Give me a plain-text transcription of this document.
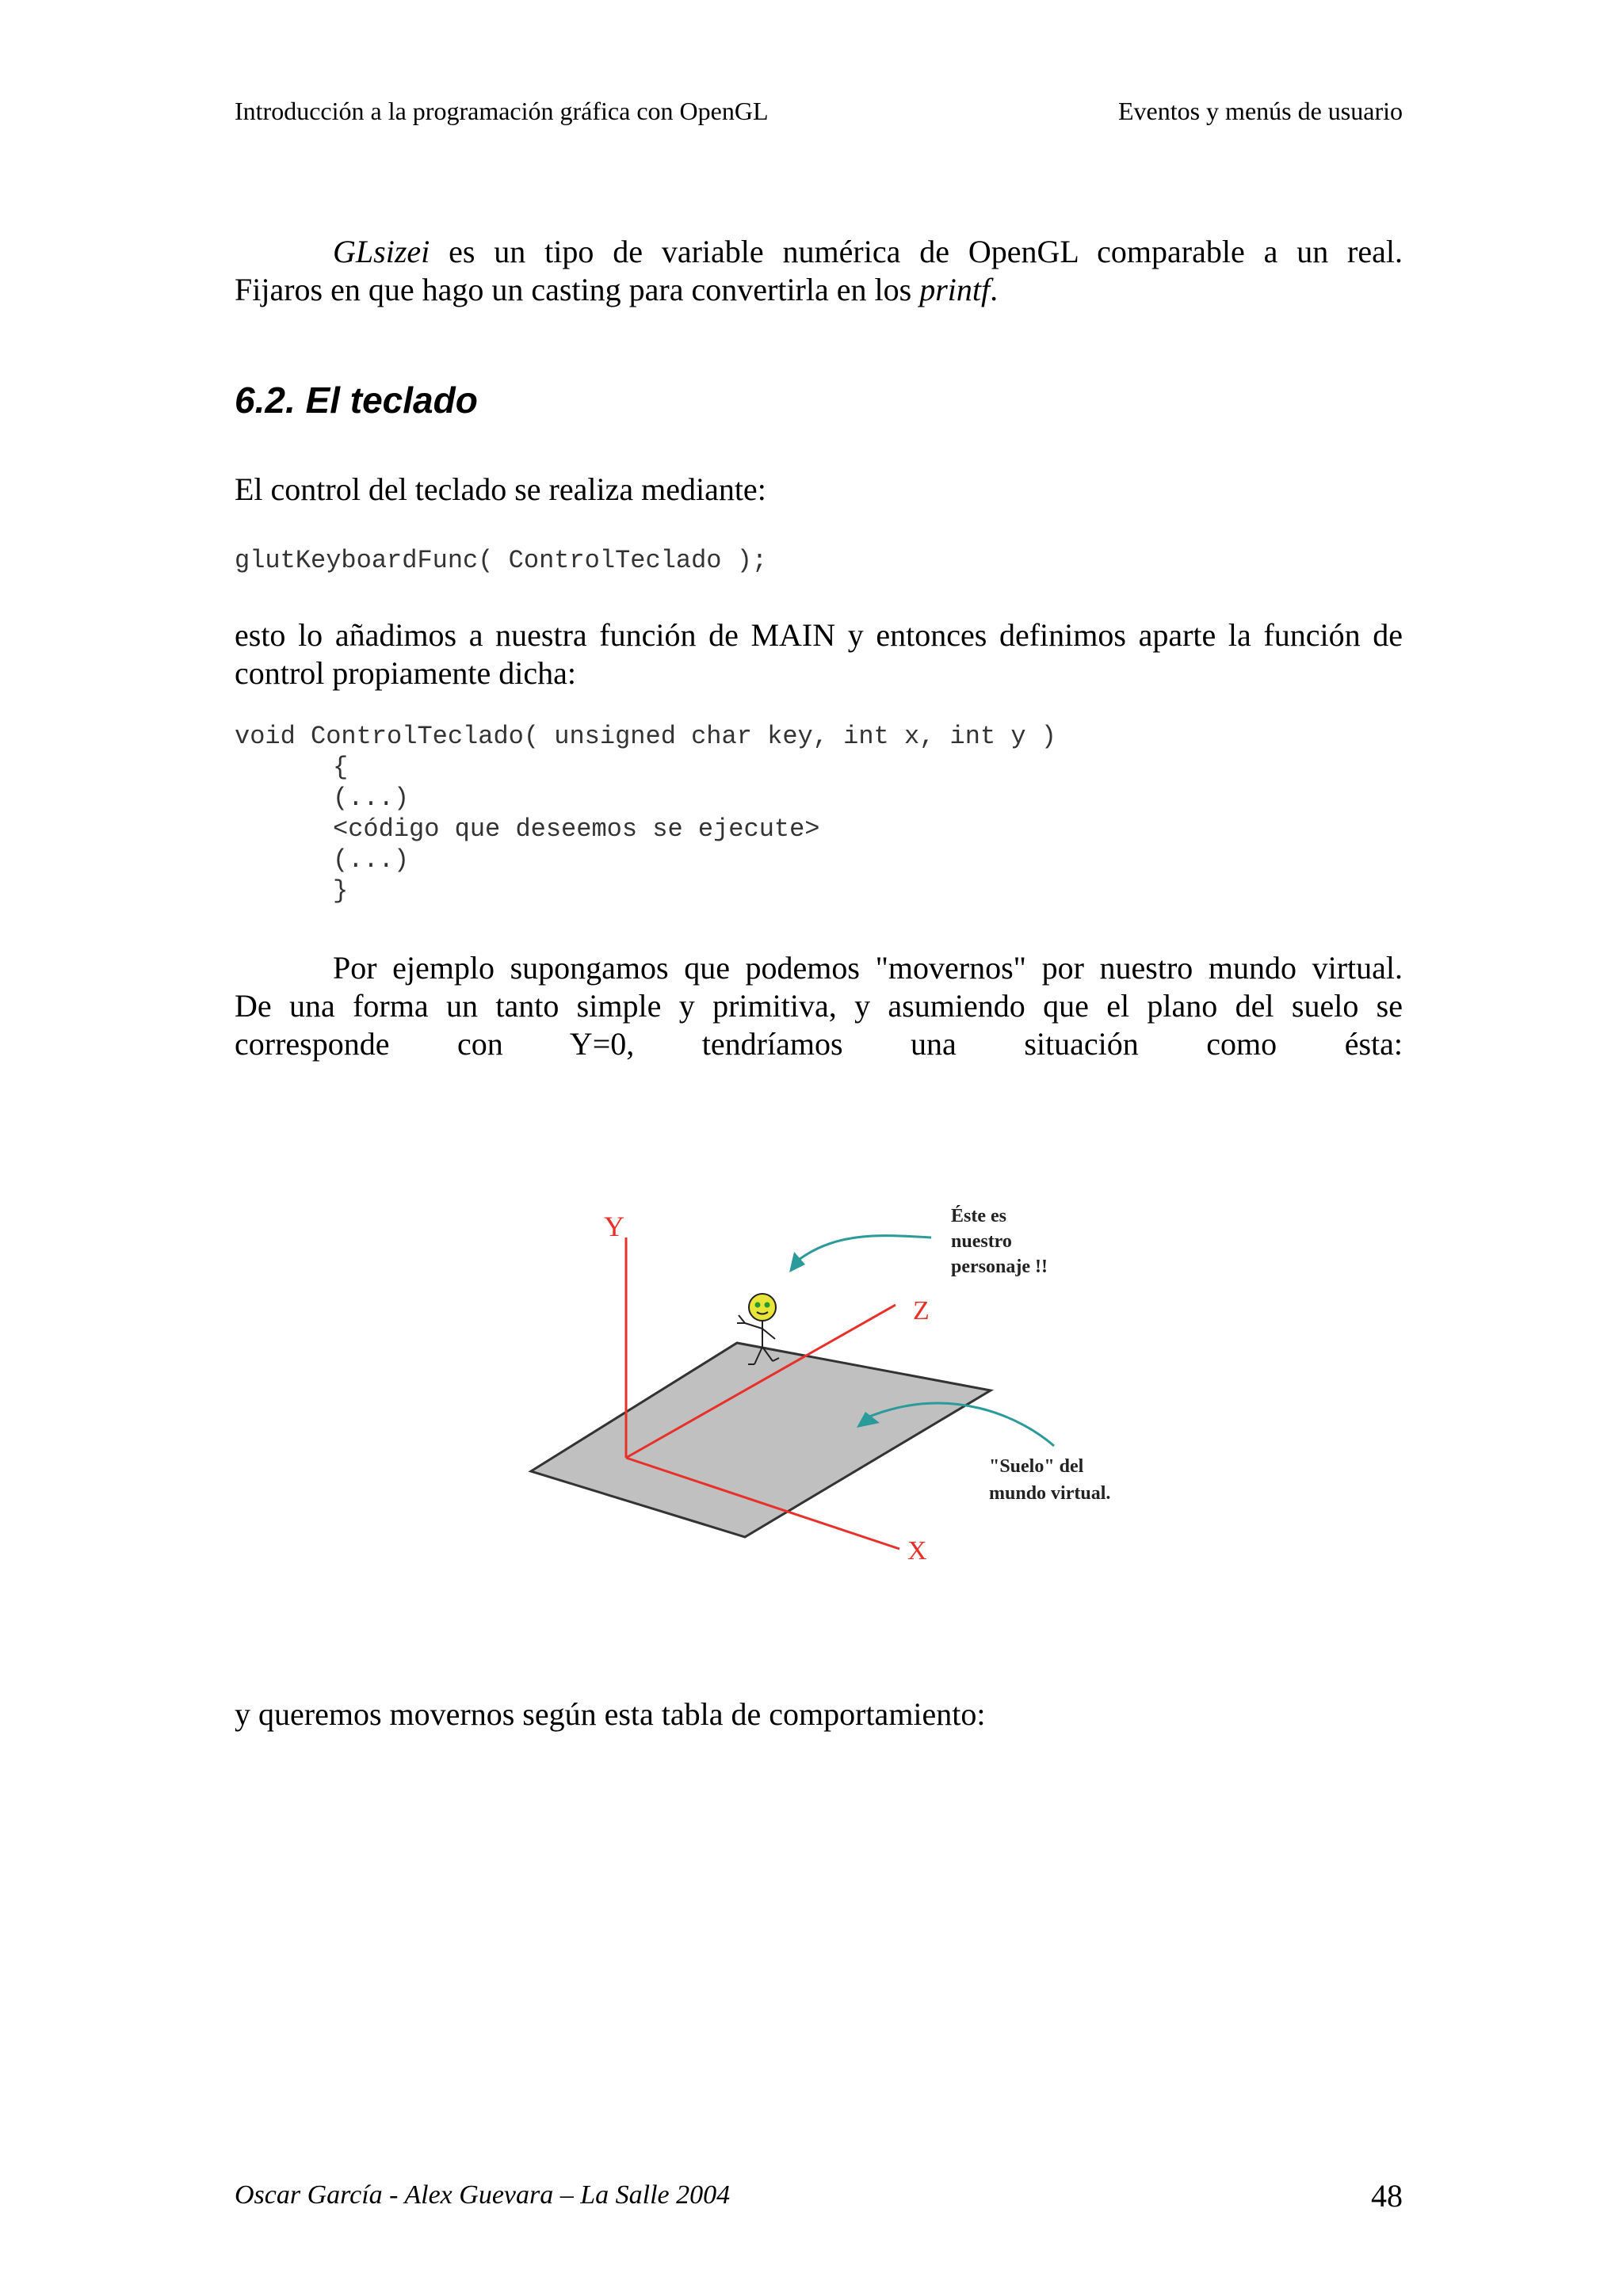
Introducción a la programación gráfica con OpenGL	Eventos y menús de usuario
GLsizei es un tipo de variable numérica de OpenGL comparable a un real.
Fijaros en que hago un casting para convertirla en los printf.
6.2. El teclado
El control del teclado se realiza mediante:
glutKeyboardFunc( ControlTeclado );
esto lo añadimos a nuestra función de MAIN y entonces definimos aparte la función de
control propiamente dicha:
void ControlTeclado( unsigned char key, int x, int y )
{
(...)
<código que deseemos se ejecute>
(...)
}
Por ejemplo supongamos que podemos "movernos" por nuestro mundo virtual.
De una forma un tanto simple y primitiva, y asumiendo que el plano del suelo se
corresponde con Y=0, tendríamos una situación como ésta:
Y
Z
X
Éste es nuestro personaje !!
"Suelo" del mundo virtual.
y queremos movernos según esta tabla de comportamiento:
Oscar García - Alex Guevara – La Salle 2004	48
